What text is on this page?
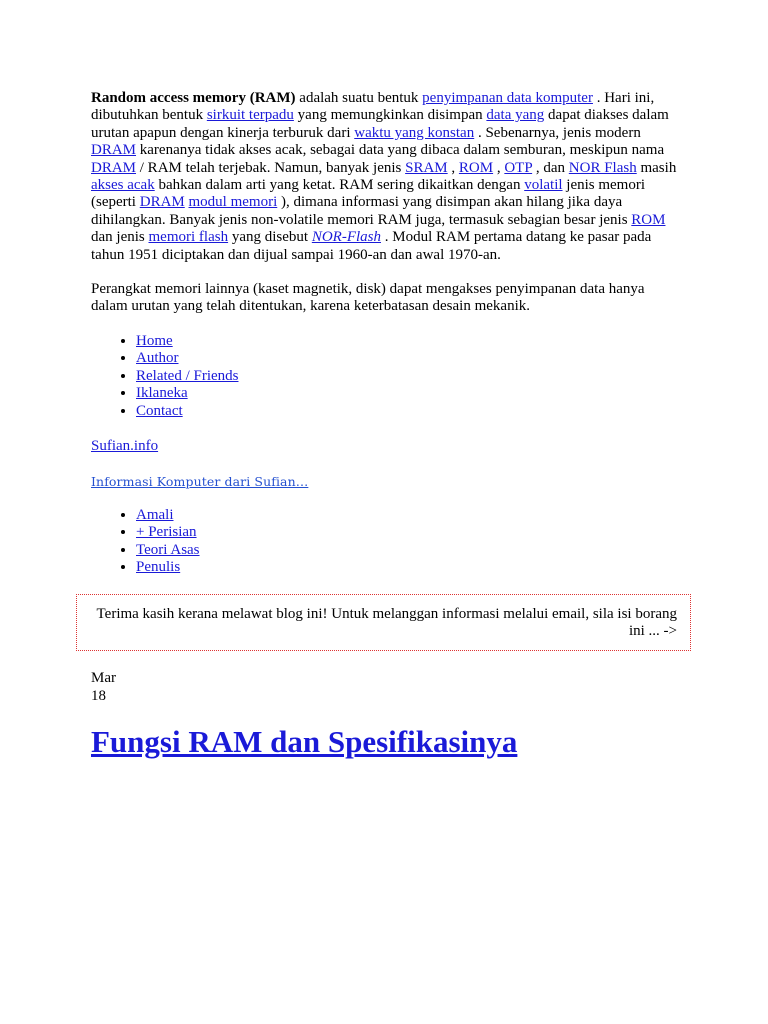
Random access memory (RAM) adalah suatu bentuk penyimpanan data komputer . Hari ini, dibutuhkan bentuk sirkuit terpadu yang memungkinkan disimpan data yang dapat diakses dalam urutan apapun dengan kinerja terburuk dari waktu yang konstan . Sebenarnya, jenis modern DRAM karenanya tidak akses acak, sebagai data yang dibaca dalam semburan, meskipun nama DRAM / RAM telah terjebak. Namun, banyak jenis SRAM , ROM , OTP , dan NOR Flash masih akses acak bahkan dalam arti yang ketat. RAM sering dikaitkan dengan volatil jenis memori (seperti DRAM modul memori ), dimana informasi yang disimpan akan hilang jika daya dihilangkan. Banyak jenis non-volatile memori RAM juga, termasuk sebagian besar jenis ROM dan jenis memori flash yang disebut NOR-Flash . Modul RAM pertama datang ke pasar pada tahun 1951 diciptakan dan dijual sampai 1960-an dan awal 1970-an.

Perangkat memori lainnya (kaset magnetik, disk) dapat mengakses penyimpanan data hanya dalam urutan yang telah ditentukan, karena keterbatasan desain mekanik.

• Home
• Author
• Related / Friends
• Iklaneka
• Contact
Sufian.info
Informasi Komputer dari Sufian…
• Amali
• + Perisian
• Teori Asas
• Penulis

Terima kasih kerana melawat blog ini! Untuk melanggan informasi melalui email, sila isi borang ini ... ->

Mar
18
Fungsi RAM dan Spesifikasinya
